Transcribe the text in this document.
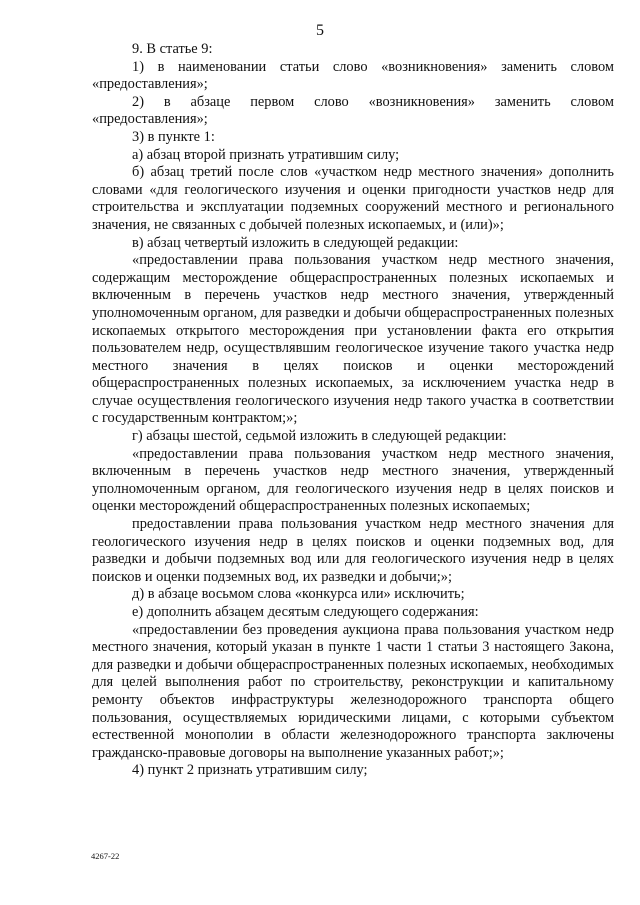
5

9. В статье 9:

1) в наименовании статьи слово «возникновения» заменить словом «предоставления»;

2) в абзаце первом слово «возникновения» заменить словом «предоставления»;

3) в пункте 1:

а) абзац второй признать утратившим силу;

б) абзац третий после слов «участком недр местного значения» дополнить словами «для геологического изучения и оценки пригодности участков недр для строительства и эксплуатации подземных сооружений местного и регионального значения, не связанных с добычей полезных ископаемых, и (или)»;

в) абзац четвертый изложить в следующей редакции:

«предоставлении права пользования участком недр местного значения, содержащим месторождение общераспространенных полезных ископаемых и включенным в перечень участков недр местного значения, утвержденный уполномоченным органом, для разведки и добычи общераспространенных полезных ископаемых открытого месторождения при установлении факта его открытия пользователем недр, осуществлявшим геологическое изучение такого участка недр местного значения в целях поисков и оценки месторождений общераспространенных полезных ископаемых, за исключением участка недр в случае осуществления геологического изучения недр такого участка в соответствии с государственным контрактом;»;

г) абзацы шестой, седьмой изложить в следующей редакции:

«предоставлении права пользования участком недр местного значения, включенным в перечень участков недр местного значения, утвержденный уполномоченным органом, для геологического изучения недр в целях поисков и оценки месторождений общераспространенных полезных ископаемых;

предоставлении права пользования участком недр местного значения для геологического изучения недр в целях поисков и оценки подземных вод, для разведки и добычи подземных вод или для геологического изучения недр в целях поисков и оценки подземных вод, их разведки и добычи;»;

д) в абзаце восьмом слова «конкурса или» исключить;

е) дополнить абзацем десятым следующего содержания:

«предоставлении без проведения аукциона права пользования участком недр местного значения, который указан в пункте 1 части 1 статьи 3 настоящего Закона, для разведки и добычи общераспространенных полезных ископаемых, необходимых для целей выполнения работ по строительству, реконструкции и капитальному ремонту объектов инфраструктуры железнодорожного транспорта общего пользования, осуществляемых юридическими лицами, с которыми субъектом естественной монополии в области железнодорожного транспорта заключены гражданско-правовые договоры на выполнение указанных работ;»;

4) пункт 2 признать утратившим силу;

4267-22
